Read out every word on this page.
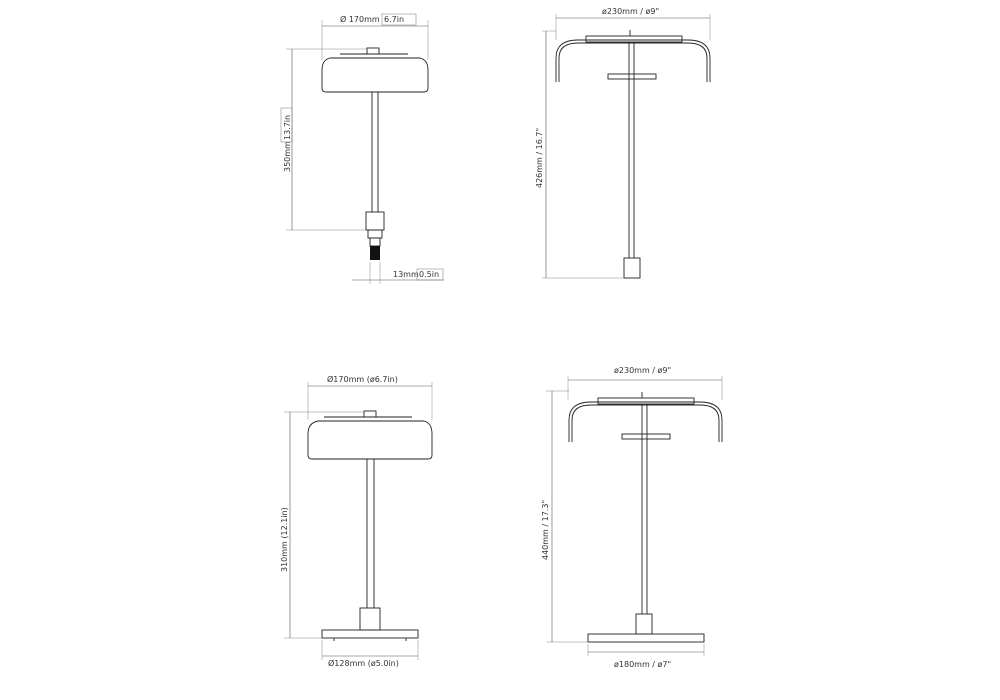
Ø 170mm 6.7in
350mm
13.7in
13mm 0.5in
ø230mm / ø9"
426mm / 16.7"
Ø170mm (ø6.7in)
310mm (12.1in)
Ø128mm (ø5.0in)
ø230mm / ø9"
440mm / 17.3"
ø180mm / ø7"
